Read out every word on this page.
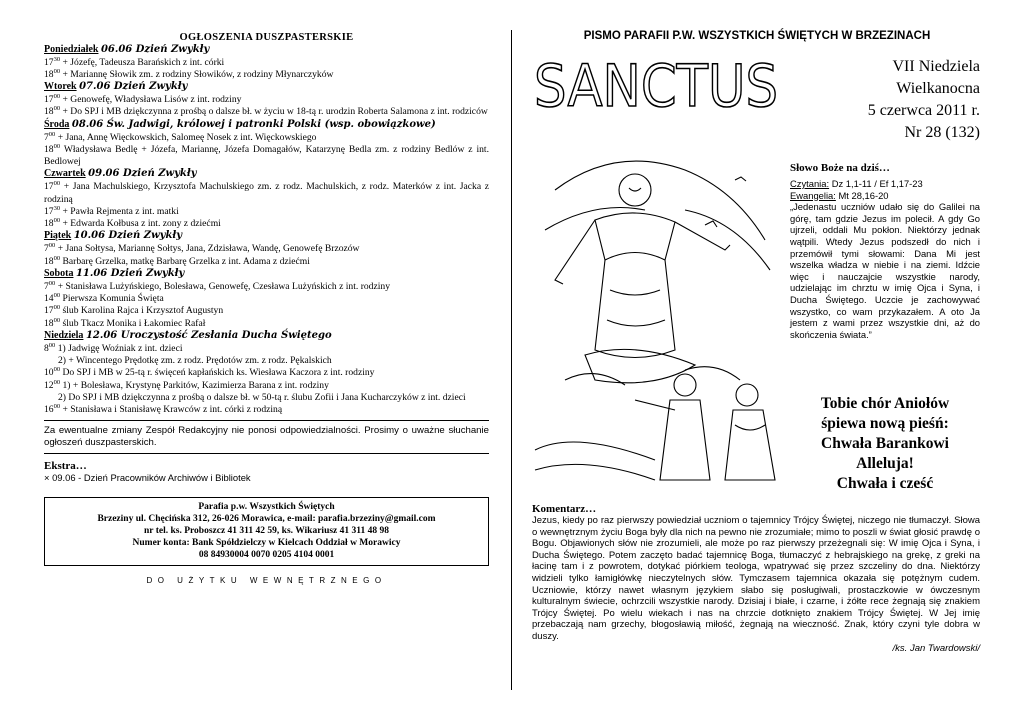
OGŁOSZENIA DUSZPASTERSKIE
Poniedziałek 06.06 Dzień Zwykły
$17^{30}$ + Józefę, Tadeusza Barańskich z int. córki
$18^{00}$ + Mariannę Słowik zm. z rodziny Słowików, z rodziny Młynarczyków
Wtorek 07.06 Dzień Zwykły
$17^{00}$ + Genowefę, Władysława Lisów z int. rodziny
$18^{00} + Do$ SPJ i MB dziękczynna z prośbą o dalsze bł. w życiu w 18-tą r. urodzin Roberta Salamona z int. rodziców
Środa 08.06 Św. Jadwigi, królowej i patronki Polski (wsp. obowiązkowe)
$7^{00}$ + Jana, Annę Więckowskich, Salomeę Nosek z int. Więckowskiego
$18^{00}$ Władysława Bedlę + Józefa, Mariannę, Józefa Domagałów, Katarzynę Bedla zm. z rodziny Bedlów z int. Bedlowej
Czwartek 09.06 Dzień Zwykły
$17^{00}$ + Jana Machulskiego, Krzysztofa Machulskiego zm. z rodz. Machulskich, z rodz. Materków z int. Jacka z rodziną
$17^{30}$ + Pawła Rejmenta z int. matki
$18^{00}$ + Edwarda Kołbusa z int. zony z dziećmi
Piątek 10.06 Dzień Zwykły
$7^{00}$ + Jana Sołtysa, Mariannę Sołtys, Jana, Zdzisława, Wandę, Genowefę Brzozów
$18^{00}$ Barbarę Grzelka, matkę Barbarę Grzelka z int. Adama z dziećmi
Sobota 11.06 Dzień Zwykły
$7^{00}$ + Stanisława Lużyńskiego, Bolesława, Genowefę, Czesława Lużyńskich z int. rodziny
$14^{00}$ Pierwsza Komunia Święta
$17^{00}$ ślub Karolina Rajca i Krzysztof Augustyn
$18^{00}$ ślub Tkacz Monika i Łakomiec Rafał
Niedziela 12.06 Uroczystość Zesłania Ducha Świętego
$8^{00}$ 1) Jadwigę Woźniak z int. dzieci
2) + Wincentego Prędotkę zm. z rodz. Prędotów zm. z rodz. Pękalskich
$10^{00}$ Do SPJ i MB w 25-tą r. święceń kapłańskich ks. Wiesława Kaczora z int. rodziny
$12^{00}$ 1) + Bolesława, Krystynę Parkitów, Kazimierza Barana z int. rodziny
2) Do SPJ i MB dziękczynna z prośbą o dalsze bł. w 50-tą r. ślubu Zofii i Jana Kucharczyków z int. dzieci
$16^{00}$ + Stanisława i Stanisławę Krawców z int. córki z rodziną
Za ewentualne zmiany Zespół Redakcyjny nie ponosi odpowiedzialności. Prosimy o uważne słuchanie ogłoszeń duszpasterskich.
Ekstra…
× 09.06 - Dzień Pracowników Archiwów i Bibliotek
Parafia p.w. Wszystkich Świętych
Brzeziny ul. Chęcińska 312, 26-026 Morawica, e-mail: parafia.brzeziny@gmail.com
nr tel. ks. Proboszcz 41 311 42 59, ks. Wikariusz 41 311 48 98
Numer konta: Bank Spółdzielczy w Kielcach Oddział w Morawicy
08 84930004 0070 0205 4104 0001
DO UŻYTKU WEWNĘTRZNEGO
PISMO PARAFII P.W. WSZYSTKICH ŚWIĘTYCH W BRZEZINACH
SANCTUS	VII Niedziela
Wielkanocna
5 czerwca 2011 r.
Nr 28 (132)
Słowo Boże na dziś…
Czytania: Dz 1,1-11 / Ef 1,17-23
Ewangelia: Mt 28,16-20
„Jedenastu uczniów udało się do Galilei na górę, tam gdzie Jezus im polecił. A gdy Go ujrzeli, oddali Mu pokłon. Niektórzy jednak wątpili. Wtedy Jezus podszedł do nich i przemówił tymi słowami: Dana Mi jest wszelka władza w niebie i na ziemi. Idźcie więc i nauczajcie wszystkie narody, udzielając im chrztu w imię Ojca i Syna, i Ducha Świętego. Uczcie je zachowywać wszystko, co wam przykazałem. A oto Ja jestem z wami przez wszystkie dni, aż do skończenia świata.”
Tobie chór Aniołów
śpiewa nową pieśń:
Chwała Barankowi
Alleluja!
Chwała i cześć
Komentarz…
Jezus, kiedy po raz pierwszy powiedział uczniom o tajemnicy Trójcy Świętej, niczego nie tłumaczył. Słowa o wewnętrznym życiu Boga były dla nich na pewno nie zrozumiałe; mimo to poszli w świat głosić prawdę o Bogu. Objawionych słów nie zrozumieli, ale może po raz pierwszy przeżegnali się: W imię Ojca i Syna, i Ducha Świętego. Potem zaczęto badać tajemnicę Boga, tłumaczyć z hebrajskiego na grekę, z greki na łacinę tam i z powrotem, dotykać piórkiem teologa, wpatrywać się przez szczeliny do dna. Niektórzy widzieli tylko łamigłówkę nieczytelnych słów. Tymczasem tajemnica okazała się potężnym cudem. Uczniowie, którzy nawet własnym językiem słabo się posługiwali, prostaczkowie w ówczesnym kulturalnym świecie, ochrzcili wszystkie narody. Dzisiaj i białe, i czarne, i żółte rece żegnają się znakiem Trójcy Świętej. Po wielu wiekach i nas na chrzcie dotknięto znakiem Trójcy Świętej. W Jej imię przebaczają nam grzechy, błogosławią miłość, żegnają na wieczność. Znak, który czyni tyle dobra w duszy.
/ks. Jan Twardowski/
